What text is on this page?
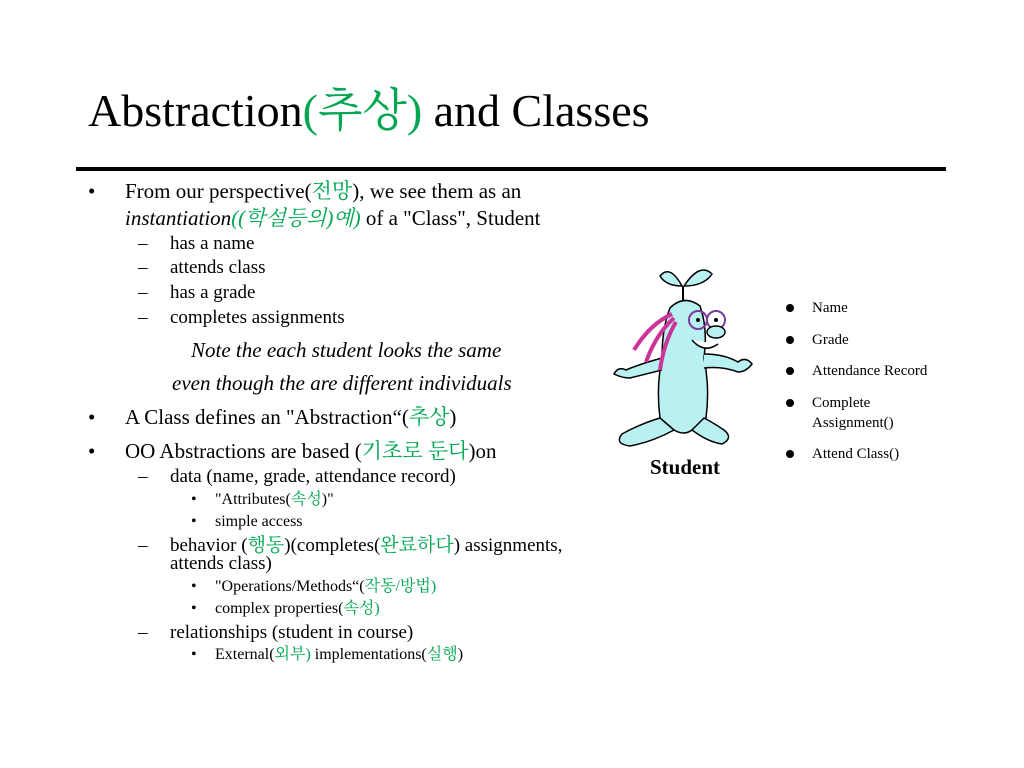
Abstraction(추상) and Classes
• From our perspective(전망), we see them as an
instantiation((학설등의)예) of a "Class", Student
– has a name
– attends class
– has a grade
– completes assignments
Note the each student looks the same
even though the are different individuals
• A Class defines an "Abstraction“(추상)
• OO Abstractions are based (기초로 둔다)on
– data (name, grade, attendance record)
• "Attributes(속성)"
• simple access
– behavior (행동)(completes(완료하다) assignments,
attends class)
• "Operations/Methods“(작동/방법)
• complex properties(속성)
– relationships (student in course)
• External(외부) implementations(실행)
Student
Name
Grade
Attendance Record
Complete
Assignment()
Attend Class()
